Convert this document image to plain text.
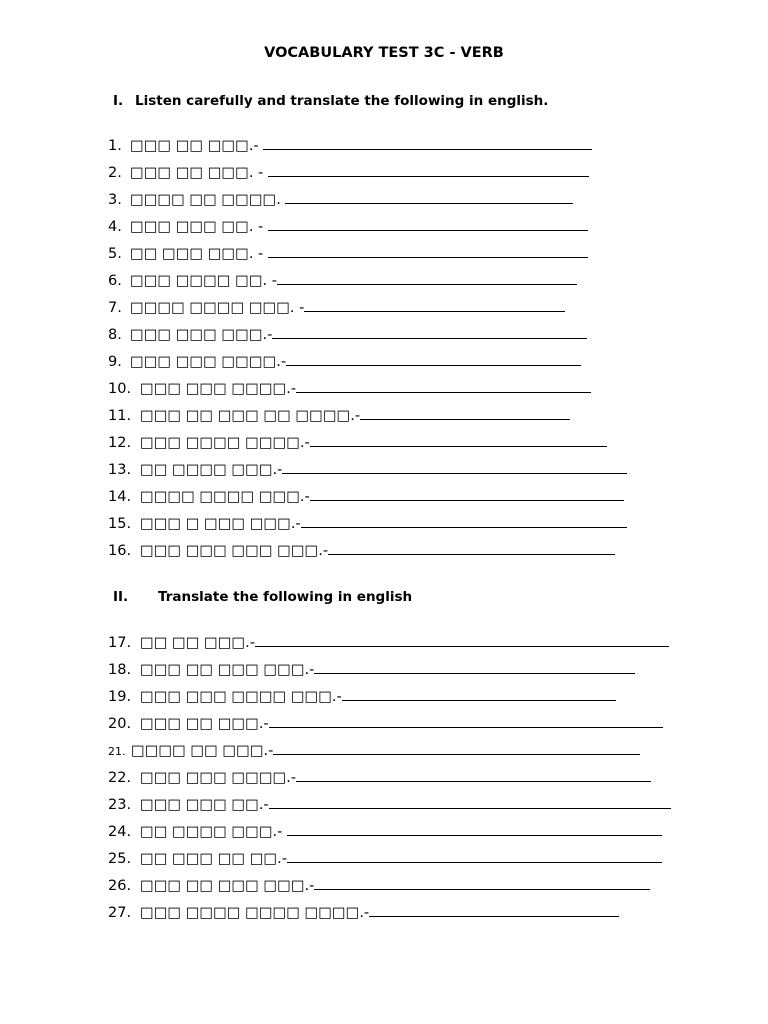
VOCABULARY TEST 3C - VERB
I. Listen carefully and translate the following in english.
II. Translate the following in english
1. □□□ □□ □□□.-
2. □□□ □□ □□□. -
3. □□□□ □□ □□□□.
4. □□□ □□□ □□. -
5. □□ □□□ □□□. -
6. □□□ □□□□ □□. -
7. □□□□ □□□□ □□□. -
8. □□□ □□□ □□□.-
9. □□□ □□□ □□□□.-
10. □□□ □□□ □□□□.-
11. □□□ □□ □□□ □□ □□□□.-
12. □□□ □□□□ □□□□.-
13. □□ □□□□ □□□.-
14. □□□□ □□□□ □□□.-
15. □□□ □ □□□ □□□.-
16. □□□ □□□ □□□ □□□.-
17. □□ □□ □□□.-
18. □□□ □□ □□□ □□□.-
19. □□□ □□□ □□□□ □□□.-
20. □□□ □□ □□□.-
21. □□□□ □□ □□□.-
22. □□□ □□□ □□□□.-
23. □□□ □□□ □□.-
24. □□ □□□□ □□□.-
25. □□ □□□ □□ □□.-
26. □□□ □□ □□□ □□□.-
27. □□□ □□□□ □□□□ □□□□.-
